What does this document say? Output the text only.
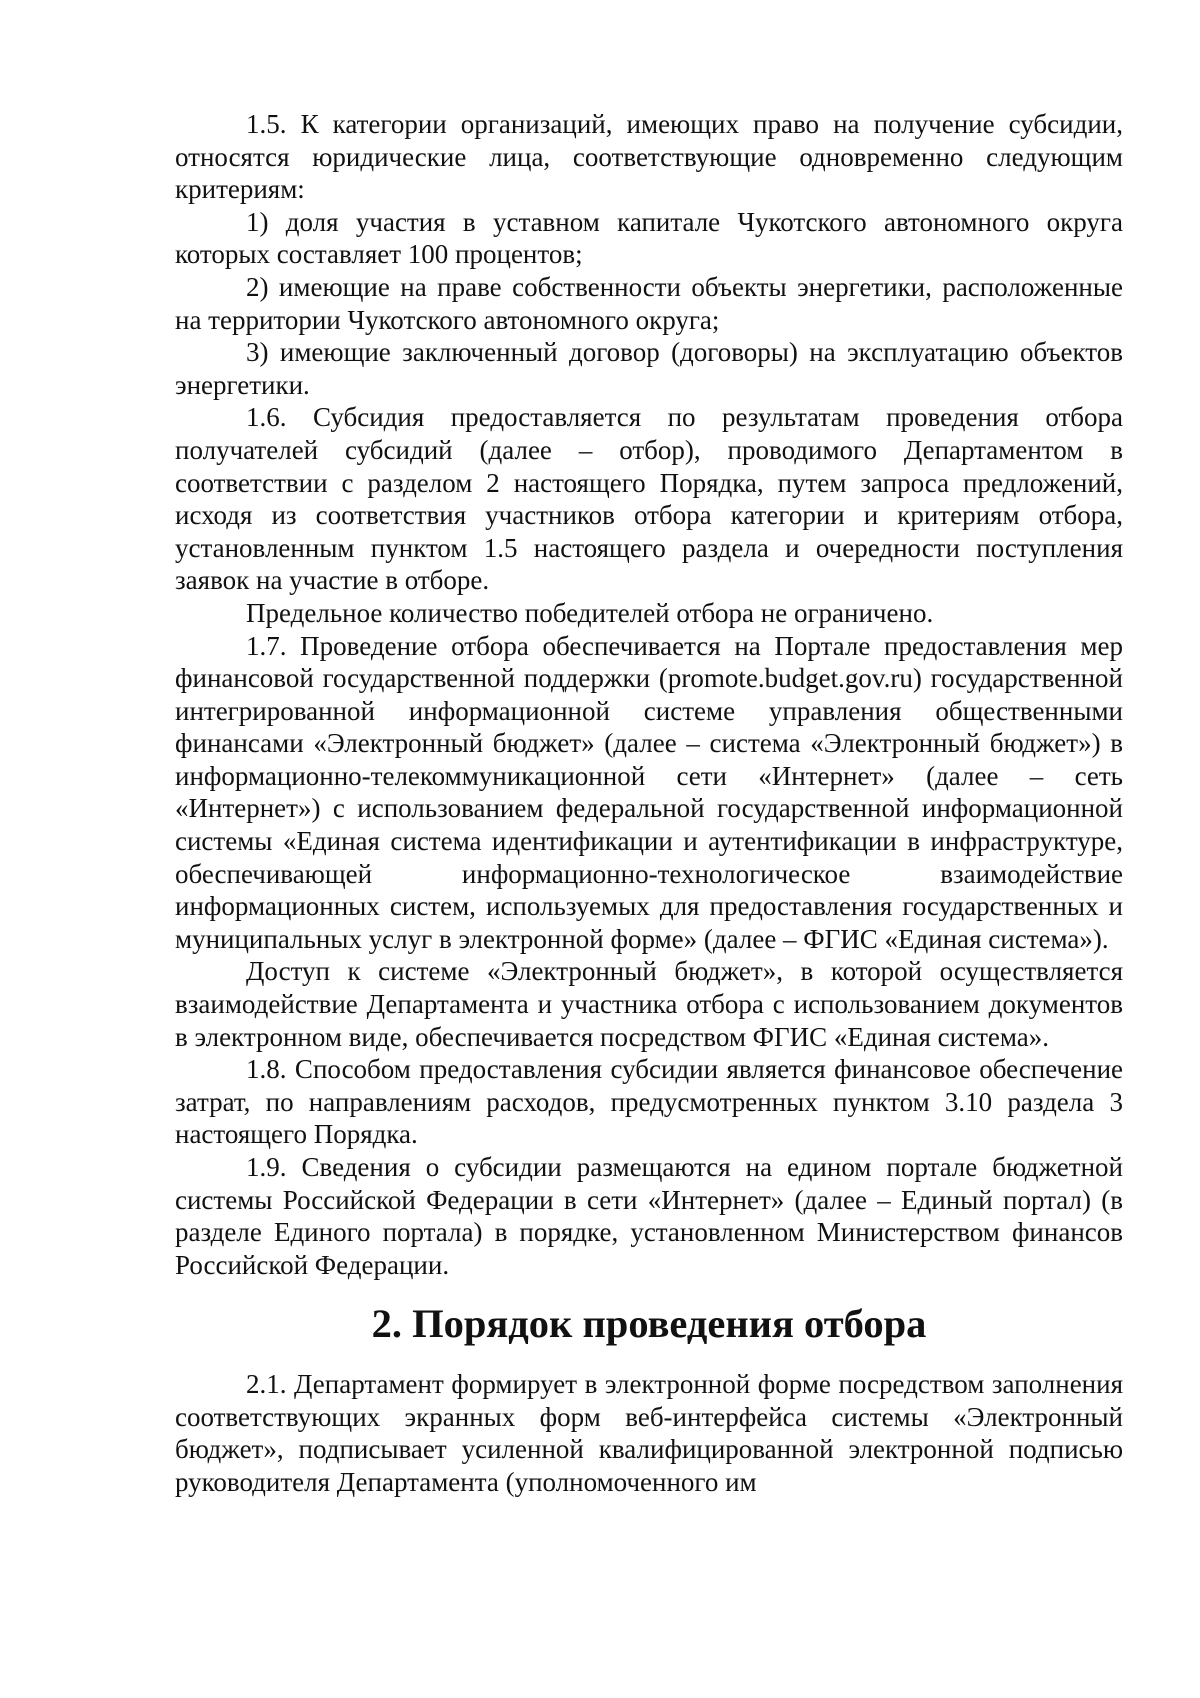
1.5. К категории организаций, имеющих право на получение субсидии, относятся юридические лица, соответствующие одновременно следующим критериям:

1) доля участия в уставном капитале Чукотского автономного округа которых составляет 100 процентов;

2) имеющие на праве собственности объекты энергетики, расположенные на территории Чукотского автономного округа;

3) имеющие заключенный договор (договоры) на эксплуатацию объектов энергетики.

1.6. Субсидия предоставляется по результатам проведения отбора получателей субсидий (далее – отбор), проводимого Департаментом в соответствии с разделом 2 настоящего Порядка, путем запроса предложений, исходя из соответствия участников отбора категории и критериям отбора, установленным пунктом 1.5 настоящего раздела и очередности поступления заявок на участие в отборе.

Предельное количество победителей отбора не ограничено.

1.7. Проведение отбора обеспечивается на Портале предоставления мер финансовой государственной поддержки (promote.budget.gov.ru) государственной интегрированной информационной системе управления общественными финансами «Электронный бюджет» (далее – система «Электронный бюджет») в информационно-телекоммуникационной сети «Интернет» (далее – сеть «Интернет») с использованием федеральной государственной информационной системы «Единая система идентификации и аутентификации в инфраструктуре, обеспечивающей информационно-технологическое взаимодействие информационных систем, используемых для предоставления государственных и муниципальных услуг в электронной форме» (далее – ФГИС «Единая система»).

Доступ к системе «Электронный бюджет», в которой осуществляется взаимодействие Департамента и участника отбора с использованием документов в электронном виде, обеспечивается посредством ФГИС «Единая система».

1.8. Способом предоставления субсидии является финансовое обеспечение затрат, по направлениям расходов, предусмотренных пунктом 3.10 раздела 3 настоящего Порядка.

1.9. Сведения о субсидии размещаются на едином портале бюджетной системы Российской Федерации в сети «Интернет» (далее – Единый портал) (в разделе Единого портала) в порядке, установленном Министерством финансов Российской Федерации.

2. Порядок проведения отбора

2.1. Департамент формирует в электронной форме посредством заполнения соответствующих экранных форм веб-интерфейса системы «Электронный бюджет», подписывает усиленной квалифицированной электронной подписью руководителя Департамента (уполномоченного им
